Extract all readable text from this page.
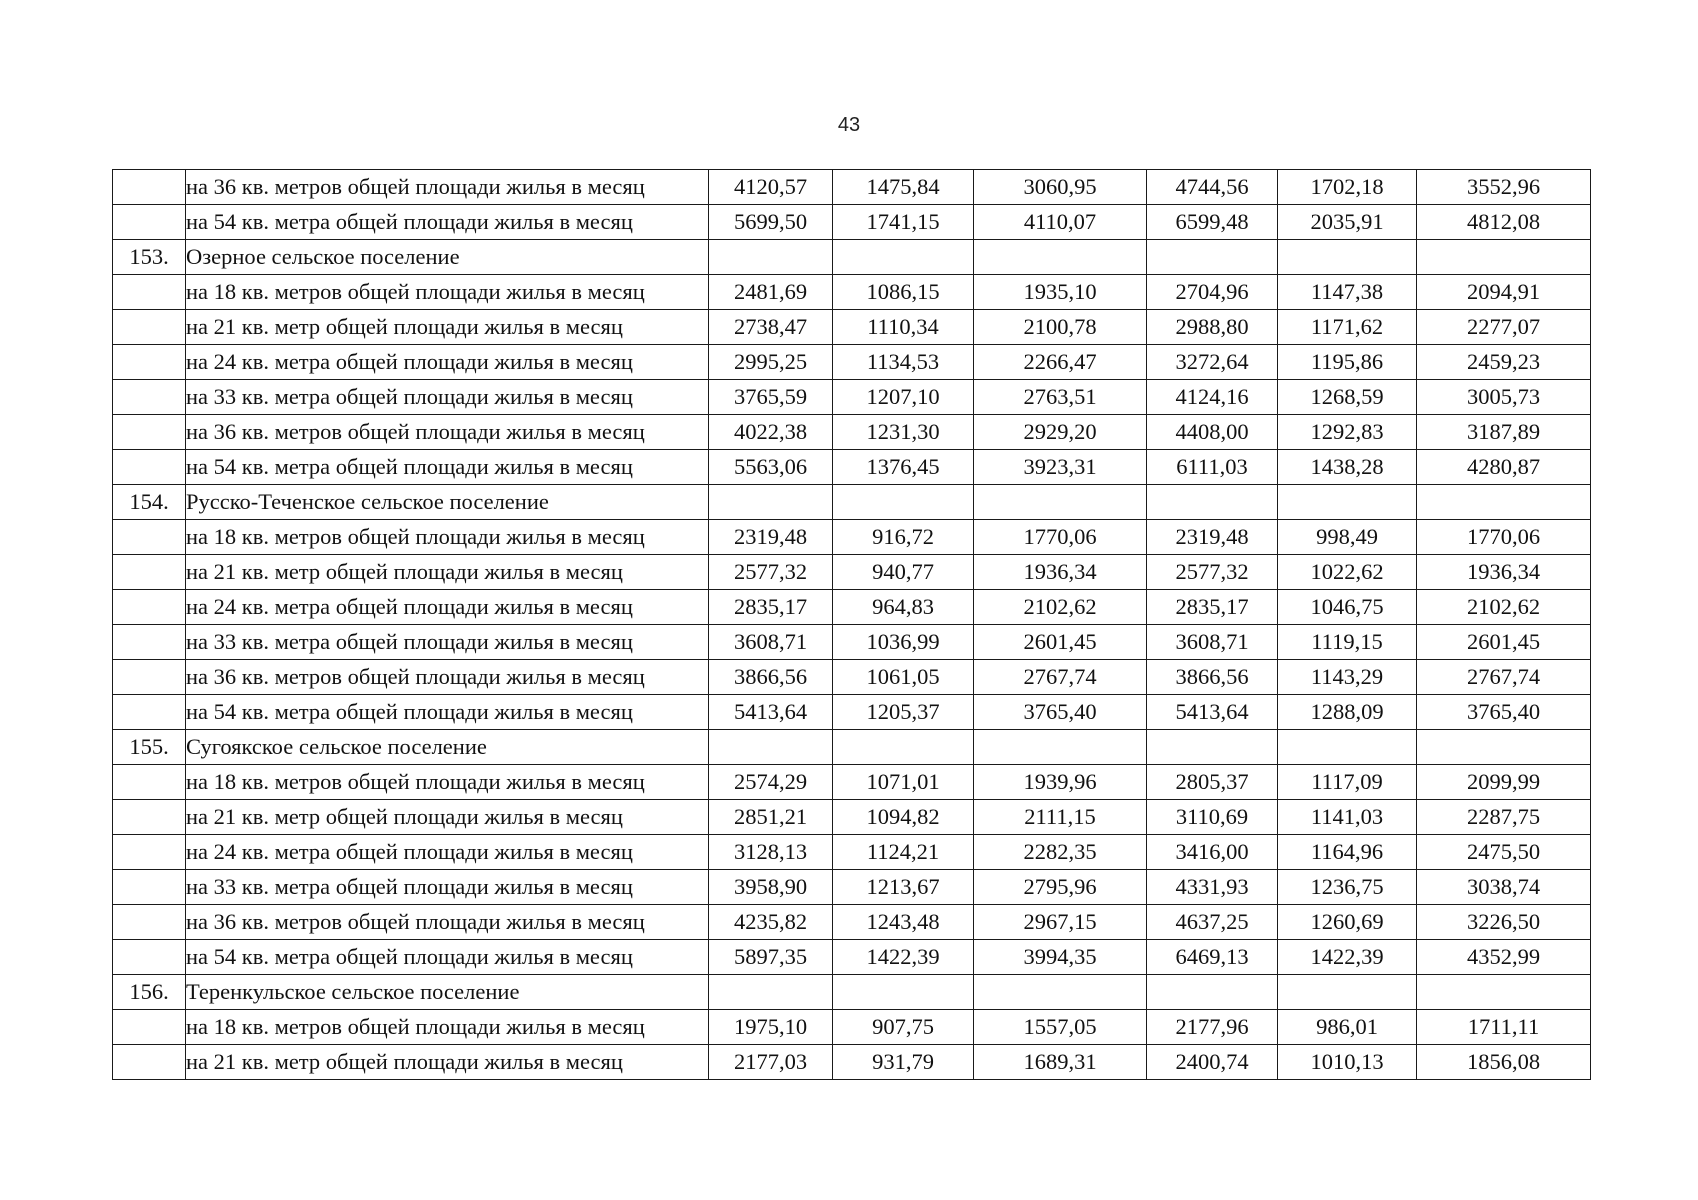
43
	на 36 кв. метров общей площади жилья в месяц	4120,57	1475,84	3060,95	4744,56	1702,18	3552,96
	на 54 кв. метра общей площади жилья в месяц	5699,50	1741,15	4110,07	6599,48	2035,91	4812,08
153.	Озерное сельское поселение						
	на 18 кв. метров общей площади жилья в месяц	2481,69	1086,15	1935,10	2704,96	1147,38	2094,91
	на 21 кв. метр общей площади жилья в месяц	2738,47	1110,34	2100,78	2988,80	1171,62	2277,07
	на 24 кв. метра общей площади жилья в месяц	2995,25	1134,53	2266,47	3272,64	1195,86	2459,23
	на 33 кв. метра общей площади жилья в месяц	3765,59	1207,10	2763,51	4124,16	1268,59	3005,73
	на 36 кв. метров общей площади жилья в месяц	4022,38	1231,30	2929,20	4408,00	1292,83	3187,89
	на 54 кв. метра общей площади жилья в месяц	5563,06	1376,45	3923,31	6111,03	1438,28	4280,87
154.	Русско-Теченское сельское поселение						
	на 18 кв. метров общей площади жилья в месяц	2319,48	916,72	1770,06	2319,48	998,49	1770,06
	на 21 кв. метр общей площади жилья в месяц	2577,32	940,77	1936,34	2577,32	1022,62	1936,34
	на 24 кв. метра общей площади жилья в месяц	2835,17	964,83	2102,62	2835,17	1046,75	2102,62
	на 33 кв. метра общей площади жилья в месяц	3608,71	1036,99	2601,45	3608,71	1119,15	2601,45
	на 36 кв. метров общей площади жилья в месяц	3866,56	1061,05	2767,74	3866,56	1143,29	2767,74
	на 54 кв. метра общей площади жилья в месяц	5413,64	1205,37	3765,40	5413,64	1288,09	3765,40
155.	Сугоякское сельское поселение						
	на 18 кв. метров общей площади жилья в месяц	2574,29	1071,01	1939,96	2805,37	1117,09	2099,99
	на 21 кв. метр общей площади жилья в месяц	2851,21	1094,82	2111,15	3110,69	1141,03	2287,75
	на 24 кв. метра общей площади жилья в месяц	3128,13	1124,21	2282,35	3416,00	1164,96	2475,50
	на 33 кв. метра общей площади жилья в месяц	3958,90	1213,67	2795,96	4331,93	1236,75	3038,74
	на 36 кв. метров общей площади жилья в месяц	4235,82	1243,48	2967,15	4637,25	1260,69	3226,50
	на 54 кв. метра общей площади жилья в месяц	5897,35	1422,39	3994,35	6469,13	1422,39	4352,99
156.	Теренкульское сельское поселение						
	на 18 кв. метров общей площади жилья в месяц	1975,10	907,75	1557,05	2177,96	986,01	1711,11
	на 21 кв. метр общей площади жилья в месяц	2177,03	931,79	1689,31	2400,74	1010,13	1856,08
